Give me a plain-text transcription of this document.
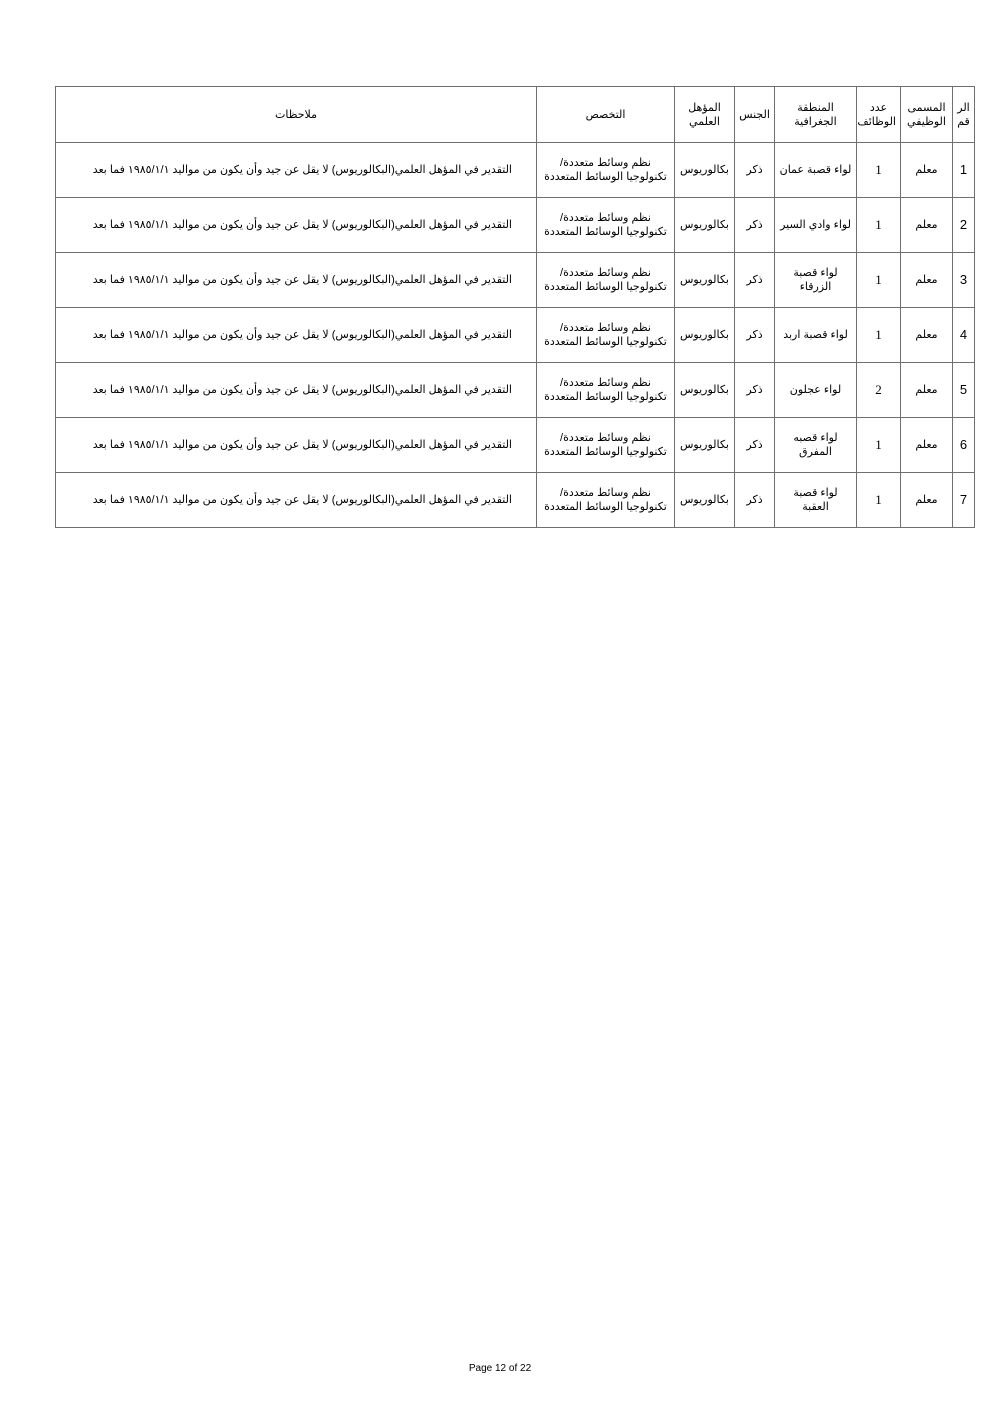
الر قم	المسمى الوظيفي	عدد الوظائف	المنطقة الجغرافية	الجنس	المؤهل العلمي	التخصص	ملاحظات
1	معلم	1	لواء قصبة عمان	ذكر	بكالوريوس	نظم وسائط متعددة/تكنولوجيا الوسائط المتعددة	التقدير في المؤهل العلمي(البكالوريوس) لا يقل عن جيد وأن يكون من مواليد ١٩٨٥/١/١ فما بعد
2	معلم	1	لواء وادي السير	ذكر	بكالوريوس	نظم وسائط متعددة/تكنولوجيا الوسائط المتعددة	التقدير في المؤهل العلمي(البكالوريوس) لا يقل عن جيد وأن يكون من مواليد ١٩٨٥/١/١ فما بعد
3	معلم	1	لواء قصبة الزرقاء	ذكر	بكالوريوس	نظم وسائط متعددة/تكنولوجيا الوسائط المتعددة	التقدير في المؤهل العلمي(البكالوريوس) لا يقل عن جيد وأن يكون من مواليد ١٩٨٥/١/١ فما بعد
4	معلم	1	لواء قصبة اربد	ذكر	بكالوريوس	نظم وسائط متعددة/تكنولوجيا الوسائط المتعددة	التقدير في المؤهل العلمي(البكالوريوس) لا يقل عن جيد وأن يكون من مواليد ١٩٨٥/١/١ فما بعد
5	معلم	2	لواء عجلون	ذكر	بكالوريوس	نظم وسائط متعددة/تكنولوجيا الوسائط المتعددة	التقدير في المؤهل العلمي(البكالوريوس) لا يقل عن جيد وأن يكون من مواليد ١٩٨٥/١/١ فما بعد
6	معلم	1	لواء قصبه المفرق	ذكر	بكالوريوس	نظم وسائط متعددة/تكنولوجيا الوسائط المتعددة	التقدير في المؤهل العلمي(البكالوريوس) لا يقل عن جيد وأن يكون من مواليد ١٩٨٥/١/١ فما بعد
7	معلم	1	لواء قصبة العقبة	ذكر	بكالوريوس	نظم وسائط متعددة/تكنولوجيا الوسائط المتعددة	التقدير في المؤهل العلمي(البكالوريوس) لا يقل عن جيد وأن يكون من مواليد ١٩٨٥/١/١ فما بعد
Page 12 of 22
